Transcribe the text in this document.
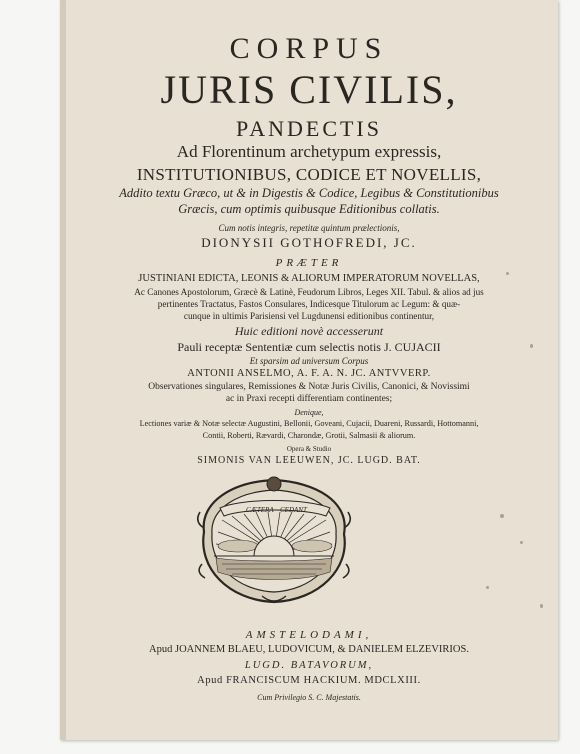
CORPUS
JURIS CIVILIS,
PANDECTIS
Ad Florentinum archetypum expressis,
INSTITUTIONIBUS, CODICE ET NOVELLIS,
Addito textu Græco, ut & in Digestis & Codice, Legibus & Constitutionibus
Græcis, cum optimis quibusque Editionibus collatis.
Cum notis integris, repetitæ quintum prælectionis,
DIONYSII GOTHOFREDI, JC.
PRÆTER
JUSTINIANI EDICTA, LEONIS & ALIORUM IMPERATORUM NOVELLAS,
Ac Canones Apostolorum, Græcè & Latinè, Feudorum Libros, Leges XII. Tabul. & alios ad jus
pertinentes Tractatus, Fastos Consulares, Indicesque Titulorum ac Legum: & quæ-
cunque in ultimis Parisiensi vel Lugdunensi editionibus continentur,
Huic editioni novè accesserunt
Pauli receptæ Sententiæ cum selectis notis J. CUJACII
Et sparsim ad universum Corpus
ANTONII ANSELMO, A. F. A. N. JC. ANTVVERP.
Observationes singulares, Remissiones & Notæ Juris Civilis, Canonici, & Novissimi
ac in Praxi recepti differentiam continentes;
Denique,
Lectiones variæ & Notæ selectæ Augustini, Bellonii, Goveani, Cujacii, Duareni, Russardi, Hottomanni,
Contii, Roberti, Rævardi, Charondæ, Grotii, Salmasii & aliorum.
Opera & Studio
SIMONIS VAN LEEUWEN, JC. LUGD. BAT.
CÆTERA CEDANT
AMSTELODAMI,
Apud JOANNEM BLAEU, LUDOVICUM, & DANIELEM ELZEVIRIOS.
LUGD. BATAVORUM,
Apud FRANCISCUM HACKIUM. MDCLXIII.
Cum Privilegio S. C. Majestatis.
